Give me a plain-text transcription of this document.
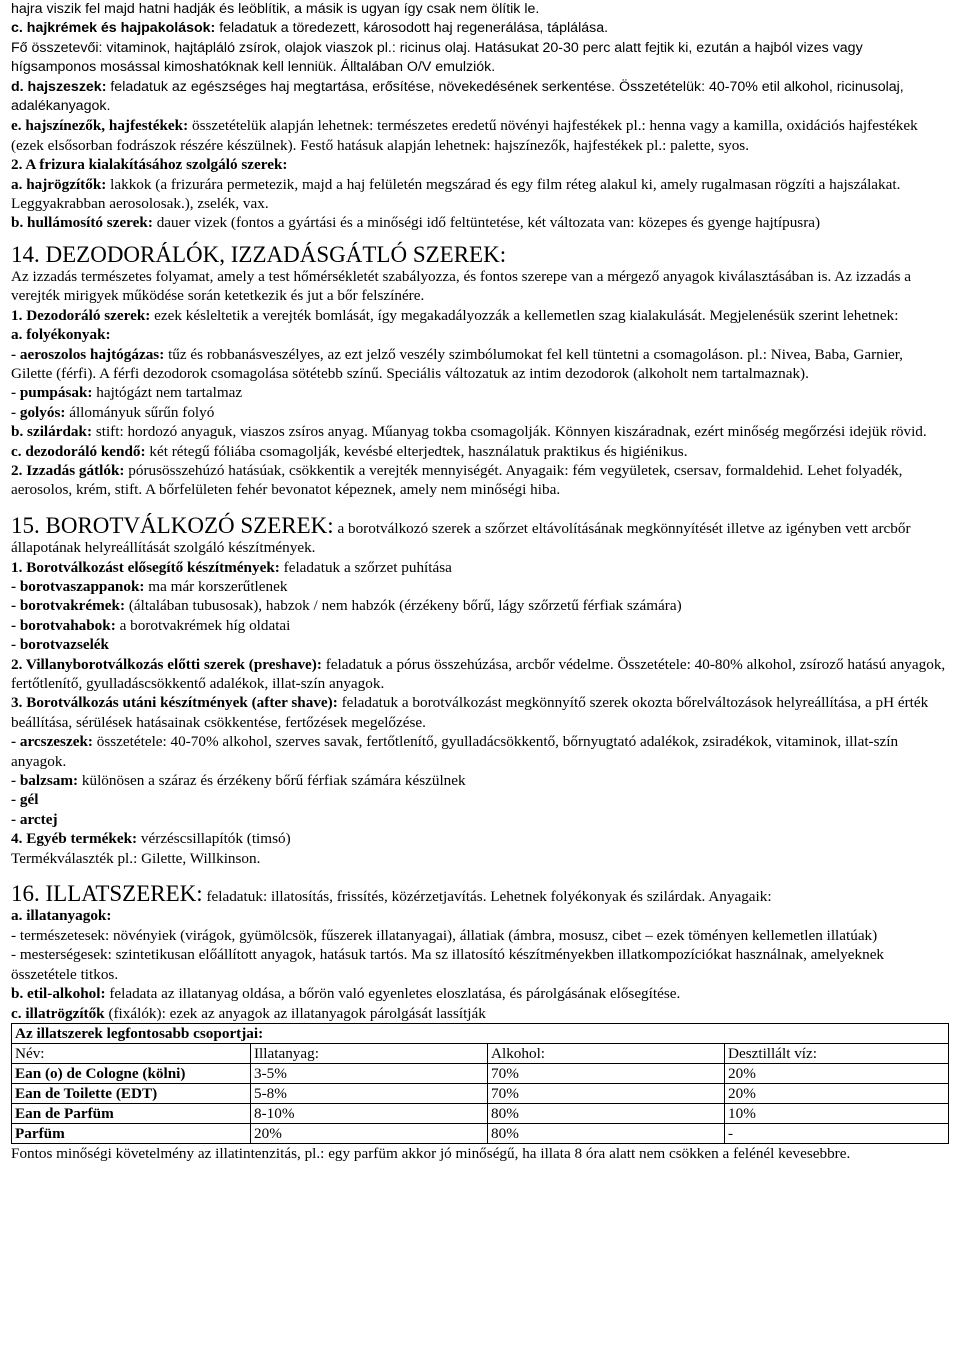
hajra viszik fel majd hatni hadják és leöblítik, a másik is ugyan így csak nem ölítik le.

c. hajkrémek és hajpakolások: feladatuk a töredezett, károsodott haj regenerálása, táplálása.

Fő összetevői: vitaminok, hajtápláló zsírok, olajok viaszok pl.: ricinus olaj. Hatásukat 20-30 perc alatt fejtik ki, ezután a hajból vizes vagy hígsamponos mosással kimoshatóknak kell lenniük. Álltalában O/V emulziók.

d. hajszeszek: feladatuk az egészséges haj megtartása, erősítése, növekedésének serkentése. Összetételük: 40-70% etil alkohol, ricinusolaj, adalékanyagok.

e. hajszínezők, hajfestékek: összetételük alapján lehetnek: természetes eredetű növényi hajfestékek pl.: henna vagy a kamilla, oxidációs hajfestékek (ezek elsősorban fodrászok részére készülnek). Festő hatásuk alapján lehetnek: hajszínezők, hajfestékek pl.: palette, syos.

2. A frizura kialakításához szolgáló szerek:

a. hajrögzítők: lakkok (a frizurára permetezik, majd a haj felületén megszárad és egy film réteg alakul ki, amely rugalmasan rögzíti a hajszálakat. Leggyakrabban aerosolosak.), zselék, vax.

b. hullámosító szerek: dauer vizek (fontos a gyártási és a minőségi idő feltüntetése, két változata van: közepes és gyenge hajtípusra)

14. DEZODORÁLÓK, IZZADÁSGÁTLÓ SZEREK:

Az izzadás természetes folyamat, amely a test hőmérsékletét szabályozza, és fontos szerepe van a mérgező anyagok kiválasztásában is. Az izzadás a verejték mirigyek működése során ketetkezik és jut a bőr felszínére.

1. Dezodoráló szerek: ezek késleltetik a verejték bomlását, így megakadályozzák a kellemetlen szag kialakulását. Megjelenésük szerint lehetnek:

a. folyékonyak:

- aeroszolos hajtógázas: tűz és robbanásveszélyes, az ezt jelző veszély szimbólumokat fel kell tüntetni a csomagoláson. pl.: Nivea, Baba, Garnier, Gilette (férfi). A férfi dezodorok csomagolása sötétebb színű. Speciális változatuk az intim dezodorok (alkoholt nem tartalmaznak).

- pumpásak: hajtógázt nem tartalmaz

- golyós: állományuk sűrűn folyó

b. szilárdak: stift: hordozó anyaguk, viaszos zsíros anyag. Műanyag tokba csomagolják. Könnyen kiszáradnak, ezért minőség megőrzési idejük rövid.

c. dezodoráló kendő: két rétegű fóliába csomagolják, kevésbé elterjedtek, használatuk praktikus és higiénikus.

2. Izzadás gátlók: pórusösszehúzó hatásúak, csökkentik a verejték mennyiségét. Anyagaik: fém vegyületek, csersav, formaldehid. Lehet folyadék, aerosolos, krém, stift. A bőrfelületen fehér bevonatot képeznek, amely nem minőségi hiba.

15. BOROTVÁLKOZÓ SZEREK: a borotválkozó szerek a szőrzet eltávolításának megkönnyítését illetve az igényben vett arcbőr állapotának helyreállítását szolgáló készítmények.

1. Borotválkozást elősegítő készítmények: feladatuk a szőrzet puhítása

- borotvaszappanok: ma már korszerűtlenek

- borotvakrémek: (általában tubusosak), habzok / nem habzók (érzékeny bőrű, lágy szőrzetű férfiak számára)

- borotvahabok: a borotvakrémek híg oldatai

- borotvazselék

2. Villanyborotválkozás előtti szerek (preshave): feladatuk a pórus összehúzása, arcbőr védelme. Összetétele: 40-80% alkohol, zsíroző hatású anyagok, fertőtlenítő, gyulladáscsökkentő adalékok, illat-szín anyagok.

3. Borotválkozás utáni készítmények (after shave): feladatuk a borotválkozást megkönnyítő szerek okozta bőrelváltozások helyreállítása, a pH érték beállítása, sérülések hatásainak csökkentése, fertőzések megelőzése.

- arcszeszek: összetétele: 40-70% alkohol, szerves savak, fertőtlenítő, gyulladácsökkentő, bőrnyugtató adalékok, zsiradékok, vitaminok, illat-szín anyagok.

- balzsam: különösen a száraz és érzékeny bőrű férfiak számára készülnek

- gél

- arctej

4. Egyéb termékek: vérzéscsillapítók (timsó)

Termékválaszték pl.: Gilette, Willkinson.

16. ILLATSZEREK: feladatuk: illatosítás, frissítés, közérzetjavítás. Lehetnek folyékonyak és szilárdak. Anyagaik:

a. illatanyagok:

- természetesek: növényiek (virágok, gyümölcsök, fűszerek illatanyagai), állatiak (ámbra, mosusz, cibet – ezek töményen kellemetlen illatúak)

- mesterségesek: szintetikusan előállított anyagok, hatásuk tartós. Ma sz illatosító készítményekben illatkompozíciókat használnak, amelyeknek összetétele titkos.

b. etil-alkohol: feladata az illatanyag oldása, a bőrön való egyenletes eloszlatása, és párolgásának elősegítése.

c. illatrögzítők (fixálók): ezek az anyagok az illatanyagok párolgását lassítják

Az illatszerek legfontosabb csoportjai:			
Név:	Illatanyag:	Alkohol:	Desztillált víz:
Ean (o) de Cologne (kölni)	3-5%	70%	20%
Ean de Toilette (EDT)	5-8%	70%	20%
Ean de Parfüm	8-10%	80%	10%
Parfüm	20%	80%	-

Fontos minőségi követelmény az illatintenzitás, pl.: egy parfüm akkor jó minőségű, ha illata 8 óra alatt nem csökken a felénél kevesebbre.
